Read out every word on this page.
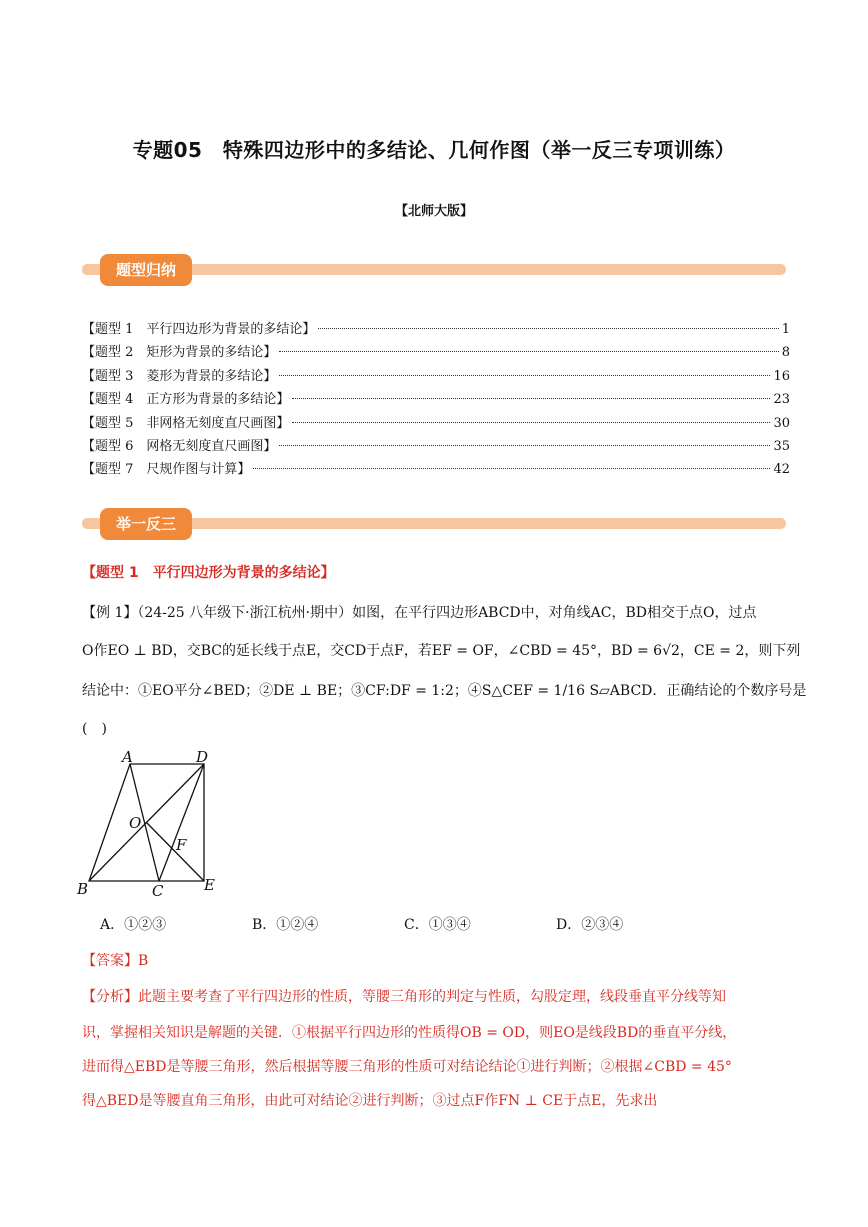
专题05　特殊四边形中的多结论、几何作图（举一反三专项训练）
【北师大版】
题型归纳
【题型 1　平行四边形为背景的多结论】	1
【题型 2　矩形为背景的多结论】	8
【题型 3　菱形为背景的多结论】	16
【题型 4　正方形为背景的多结论】	23
【题型 5　非网格无刻度直尺画图】	30
【题型 6　网格无刻度直尺画图】	35
【题型 7　尺规作图与计算】	42
举一反三
【题型 1　平行四边形为背景的多结论】
【例 1】（24-25 八年级下·浙江杭州·期中）如图，在平行四边形ABCD中，对角线AC，BD相交于点O，过点
O作EO ⊥ BD，交BC的延长线于点E，交CD于点F，若EF = OF，∠CBD = 45°，BD = 6√2，CE = 2，则下列
结论中：①EO平分∠BED；②DE ⊥ BE；③CF:DF = 1:2；④S△CEF = 1/16 S▱ABCD．正确结论的个数序号是
(　)
A	D
O
F
B	C	E
A．①②③	B．①②④	C．①③④	D．②③④
【答案】B
【分析】此题主要考查了平行四边形的性质，等腰三角形的判定与性质，勾股定理，线段垂直平分线等知
识，掌握相关知识是解题的关键．①根据平行四边形的性质得OB = OD，则EO是线段BD的垂直平分线，
进而得△EBD是等腰三角形，然后根据等腰三角形的性质可对结论结论①进行判断；②根据∠CBD = 45°
得△BED是等腰直角三角形，由此可对结论②进行判断；③过点F作FN ⊥ CE于点E，先求出
